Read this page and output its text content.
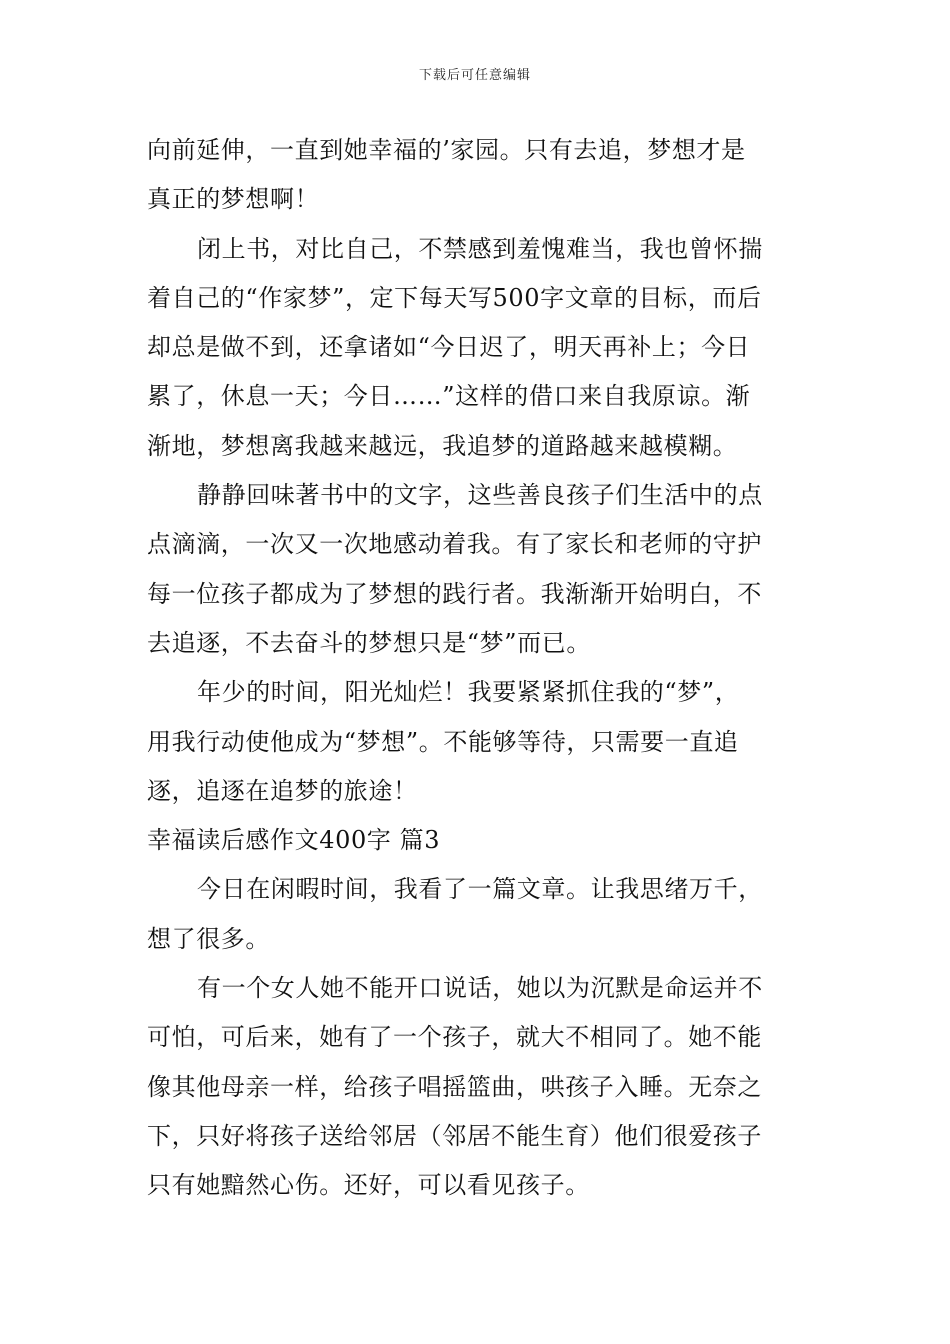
下载后可任意编辑
向前延伸，一直到她幸福的’家园。只有去追，梦想才是
真正的梦想啊！
闭上书，对比自己，不禁感到羞愧难当，我也曾怀揣
着自己的“作家梦”，定下每天写500字文章的目标，而后
却总是做不到，还拿诸如“今日迟了，明天再补上；今日
累了，休息一天；今日……”这样的借口来自我原谅。渐
渐地，梦想离我越来越远，我追梦的道路越来越模糊。
静静回味著书中的文字，这些善良孩子们生活中的点
点滴滴，一次又一次地感动着我。有了家长和老师的守护
每一位孩子都成为了梦想的践行者。我渐渐开始明白，不
去追逐，不去奋斗的梦想只是“梦”而已。
年少的时间，阳光灿烂！我要紧紧抓住我的“梦”，
用我行动使他成为“梦想”。不能够等待，只需要一直追
逐，追逐在追梦的旅途！
幸福读后感作文400字 篇3
今日在闲暇时间，我看了一篇文章。让我思绪万千，
想了很多。
有一个女人她不能开口说话，她以为沉默是命运并不
可怕，可后来，她有了一个孩子，就大不相同了。她不能
像其他母亲一样，给孩子唱摇篮曲，哄孩子入睡。无奈之
下，只好将孩子送给邻居（邻居不能生育）他们很爱孩子
只有她黯然心伤。还好，可以看见孩子。
